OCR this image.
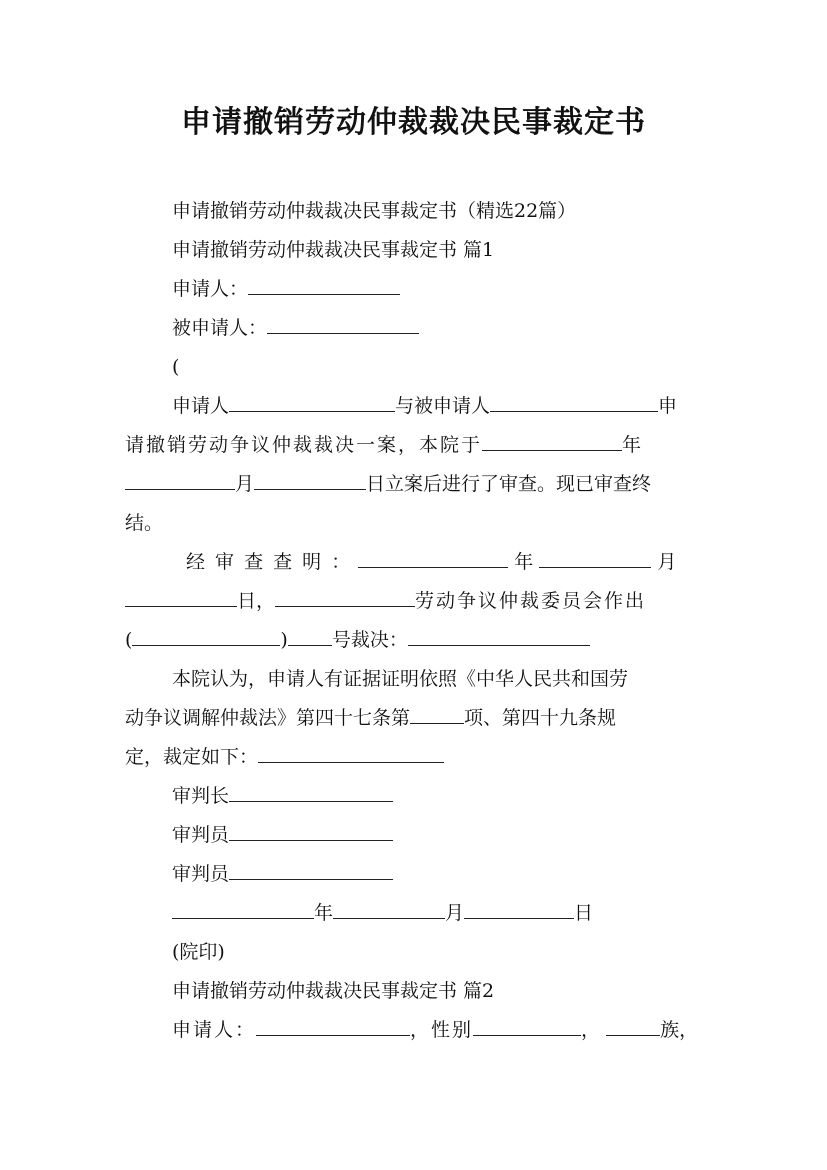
申请撤销劳动仲裁裁决民事裁定书
申请撤销劳动仲裁裁决民事裁定书（精选22篇）
申请撤销劳动仲裁裁决民事裁定书 篇1
申请人：
被申请人：
(
申请人	与被申请人	申
请撤销劳动争议仲裁裁决一案，本院于	年
月	日立案后进行了审查。现已审查终
结。
经 审 查 查 明 ：	年	月
日，	劳动争议仲裁委员会作出
(	) 号裁决：
本院认为，申请人有证据证明依照《中华人民共和国劳
动争议调解仲裁法》第四十七条第	项、第四十九条规
定，裁定如下：
审判长
审判员
审判员
年	月	日
(院印)
申请撤销劳动仲裁裁决民事裁定书 篇2
申请人：	，性别	，	族，
